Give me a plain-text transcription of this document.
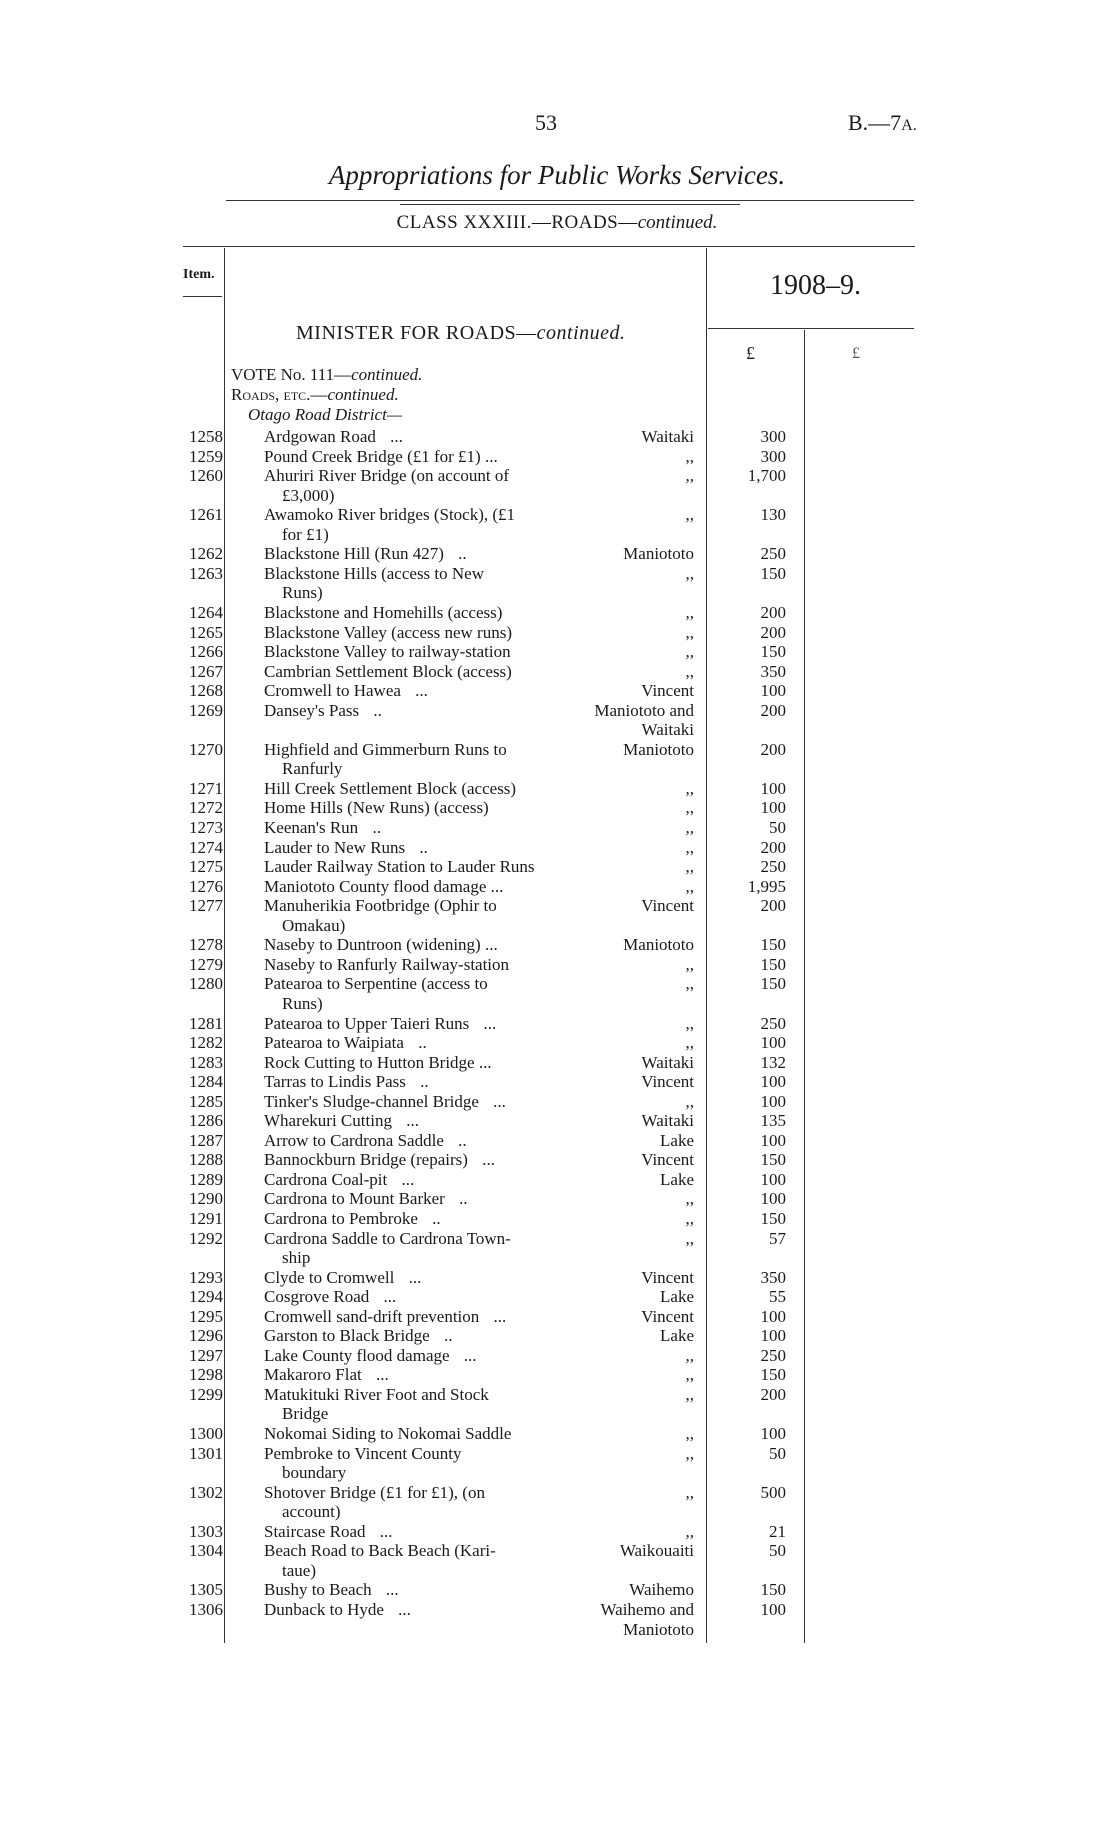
53	B.—7A.
Appropriations for Public Works Services.
CLASS XXXIII.—ROADS—continued.
Item.	1908–9.
£	£
MINISTER FOR ROADS—continued.
VOTE No. 111—continued.
Roads, etc.—continued.
Otago Road District—
1258 Ardgowan Road ...	Waitaki	300
1259 Pound Creek Bridge (£1 for £1) ...	,,	300
1260 Ahuriri River Bridge (on account of	,,	1,700
£3,000)
1261 Awamoko River bridges (Stock), (£1	,,	130
for £1)
1262 Blackstone Hill (Run 427) ..	Maniototo	250
1263 Blackstone Hills (access to New	,,	150
Runs)
1264 Blackstone and Homehills (access)	,,	200
1265 Blackstone Valley (access new runs)	,,	200
1266 Blackstone Valley to railway-station	,,	150
1267 Cambrian Settlement Block (access)	,,	350
1268 Cromwell to Hawea ...	Vincent	100
1269 Dansey's Pass ..	Maniototo and	200
Waitaki
1270 Highfield and Gimmerburn Runs to	Maniototo	200
Ranfurly
1271 Hill Creek Settlement Block (access)	,,	100
1272 Home Hills (New Runs) (access)	,,	100
1273 Keenan's Run ..	,,	50
1274 Lauder to New Runs ..	,,	200
1275 Lauder Railway Station to Lauder Runs	,,	250
1276 Maniototo County flood damage ...	,,	1,995
1277 Manuherikia Footbridge (Ophir to	Vincent	200
Omakau)
1278 Naseby to Duntroon (widening) ...	Maniototo	150
1279 Naseby to Ranfurly Railway-station	,,	150
1280 Patearoa to Serpentine (access to	,,	150
Runs)
1281 Patearoa to Upper Taieri Runs ...	,,	250
1282 Patearoa to Waipiata ..	,,	100
1283 Rock Cutting to Hutton Bridge ...	Waitaki	132
1284 Tarras to Lindis Pass ..	Vincent	100
1285 Tinker's Sludge-channel Bridge ...	,,	100
1286 Wharekuri Cutting ...	Waitaki	135
1287 Arrow to Cardrona Saddle ..	Lake	100
1288 Bannockburn Bridge (repairs) ...	Vincent	150
1289 Cardrona Coal-pit ...	Lake	100
1290 Cardrona to Mount Barker ..	,,	100
1291 Cardrona to Pembroke ..	,,	150
1292 Cardrona Saddle to Cardrona Town-	,,	57
ship
1293 Clyde to Cromwell ...	Vincent	350
1294 Cosgrove Road ...	Lake	55
1295 Cromwell sand-drift prevention ...	Vincent	100
1296 Garston to Black Bridge ..	Lake	100
1297 Lake County flood damage ...	,,	250
1298 Makaroro Flat ...	,,	150
1299 Matukituki River Foot and Stock	,,	200
Bridge
1300 Nokomai Siding to Nokomai Saddle	,,	100
1301 Pembroke to Vincent County	,,	50
boundary
1302 Shotover Bridge (£1 for £1), (on	,,	500
account)
1303 Staircase Road ...	,,	21
1304 Beach Road to Back Beach (Kari-	Waikouaiti	50
taue)
1305 Bushy to Beach ...	Waihemo	150
1306 Dunback to Hyde ...	Waihemo and	100
Maniototo
